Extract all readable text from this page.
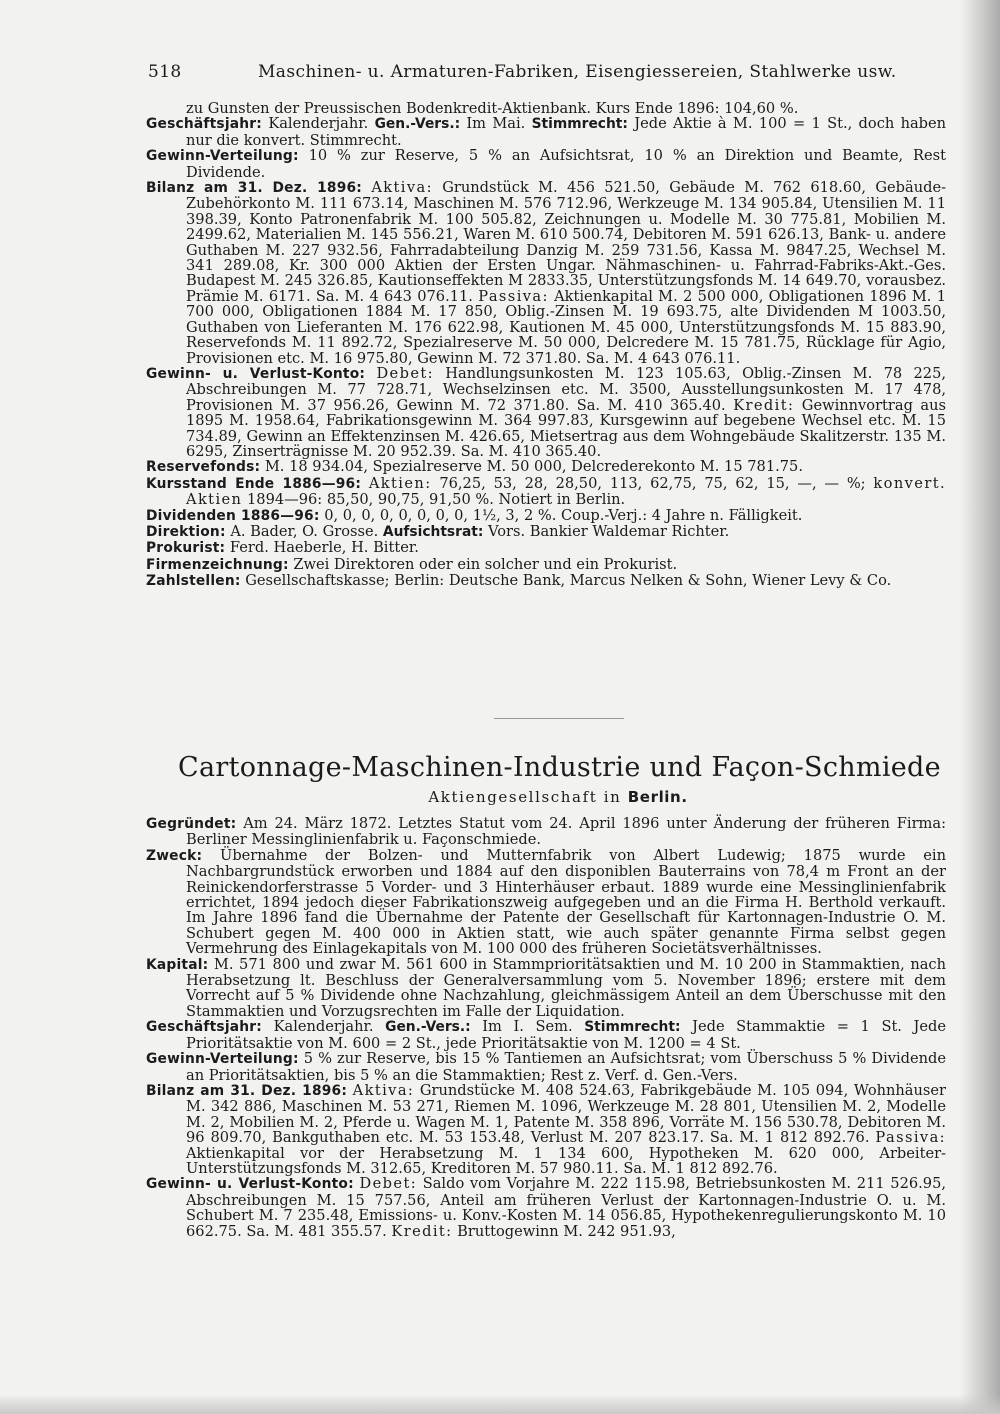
518	Maschinen- u. Armaturen-Fabriken, Eisengiessereien, Stahlwerke usw.

zu Gunsten der Preussischen Bodenkredit-Aktienbank. Kurs Ende 1896: 104,60 %.

Geschäftsjahr: Kalenderjahr. Gen.-Vers.: Im Mai. Stimmrecht: Jede Aktie à M. 100 = 1 St., doch haben nur die konvert. Stimmrecht.

Gewinn-Verteilung: 10 % zur Reserve, 5 % an Aufsichtsrat, 10 % an Direktion und Beamte, Rest Dividende.

Bilanz am 31. Dez. 1896: Aktiva: Grundstück M. 456 521.50, Gebäude M. 762 618.60, Gebäude-Zubehörkonto M. 111 673.14, Maschinen M. 576 712.96, Werkzeuge M. 134 905.84, Utensilien M. 11 398.39, Konto Patronenfabrik M. 100 505.82, Zeichnungen u. Modelle M. 30 775.81, Mobilien M. 2499.62, Materialien M. 145 556.21, Waren M. 610 500.74, Debitoren M. 591 626.13, Bank- u. andere Guthaben M. 227 932.56, Fahrradabteilung Danzig M. 259 731.56, Kassa M. 9847.25, Wechsel M. 341 289.08, Kr. 300 000 Aktien der Ersten Ungar. Nähmaschinen- u. Fahrrad-Fabriks-Akt.-Ges. Budapest M. 245 326.85, Kautionseffekten M 2833.35, Unterstützungsfonds M. 14 649.70, vorausbez. Prämie M. 6171. Sa. M. 4 643 076.11. Passiva: Aktienkapital M. 2 500 000, Obligationen 1896 M. 1 700 000, Obligationen 1884 M. 17 850, Oblig.-Zinsen M. 19 693.75, alte Dividenden M 1003.50, Guthaben von Lieferanten M. 176 622.98, Kautionen M. 45 000, Unterstützungsfonds M. 15 883.90, Reservefonds M. 11 892.72, Spezialreserve M. 50 000, Delcredere M. 15 781.75, Rücklage für Agio, Provisionen etc. M. 16 975.80, Gewinn M. 72 371.80. Sa. M. 4 643 076.11.

Gewinn- u. Verlust-Konto: Debet: Handlungsunkosten M. 123 105.63, Oblig.-Zinsen M. 78 225, Abschreibungen M. 77 728.71, Wechselzinsen etc. M. 3500, Ausstellungsunkosten M. 17 478, Provisionen M. 37 956.26, Gewinn M. 72 371.80. Sa. M. 410 365.40. Kredit: Gewinnvortrag aus 1895 M. 1958.64, Fabrikationsgewinn M. 364 997.83, Kursgewinn auf begebene Wechsel etc. M. 15 734.89, Gewinn an Effektenzinsen M. 426.65, Mietsertrag aus dem Wohngebäude Skalitzerstr. 135 M. 6295, Zinserträgnisse M. 20 952.39. Sa. M. 410 365.40.

Reservefonds: M. 18 934.04, Spezialreserve M. 50 000, Delcrederekonto M. 15 781.75.

Kursstand Ende 1886—96: Aktien: 76,25, 53, 28, 28,50, 113, 62,75, 75, 62, 15, —, — %; konvert. Aktien 1894—96: 85,50, 90,75, 91,50 %. Notiert in Berlin.

Dividenden 1886—96: 0, 0, 0, 0, 0, 0, 0, 0, 1½, 3, 2 %. Coup.-Verj.: 4 Jahre n. Fälligkeit.

Direktion: A. Bader, O. Grosse. Aufsichtsrat: Vors. Bankier Waldemar Richter.

Prokurist: Ferd. Haeberle, H. Bitter.

Firmenzeichnung: Zwei Direktoren oder ein solcher und ein Prokurist.

Zahlstellen: Gesellschaftskasse; Berlin: Deutsche Bank, Marcus Nelken & Sohn, Wiener Levy & Co.

Cartonnage-Maschinen-Industrie und Façon-Schmiede
Aktiengesellschaft in Berlin.

Gegründet: Am 24. März 1872. Letztes Statut vom 24. April 1896 unter Änderung der früheren Firma: Berliner Messinglinienfabrik u. Façonschmiede.

Zweck: Übernahme der Bolzen- und Mutternfabrik von Albert Ludewig; 1875 wurde ein Nachbargrundstück erworben und 1884 auf den disponiblen Bauterrains von 78,4 m Front an der Reinickendorferstrasse 5 Vorder- und 3 Hinterhäuser erbaut. 1889 wurde eine Messinglinienfabrik errichtet, 1894 jedoch dieser Fabrikationszweig aufgegeben und an die Firma H. Berthold verkauft. Im Jahre 1896 fand die Übernahme der Patente der Gesellschaft für Kartonnagen-Industrie O. M. Schubert gegen M. 400 000 in Aktien statt, wie auch später genannte Firma selbst gegen Vermehrung des Einlagekapitals von M. 100 000 des früheren Societätsverhältnisses.

Kapital: M. 571 800 und zwar M. 561 600 in Stammprioritätsaktien und M. 10 200 in Stammaktien, nach Herabsetzung lt. Beschluss der Generalversammlung vom 5. November 1896; erstere mit dem Vorrecht auf 5 % Dividende ohne Nachzahlung, gleichmässigem Anteil an dem Überschusse mit den Stammaktien und Vorzugsrechten im Falle der Liquidation.

Geschäftsjahr: Kalenderjahr. Gen.-Vers.: Im I. Sem. Stimmrecht: Jede Stammaktie = 1 St. Jede Prioritätsaktie von M. 600 = 2 St., jede Prioritätsaktie von M. 1200 = 4 St.

Gewinn-Verteilung: 5 % zur Reserve, bis 15 % Tantiemen an Aufsichtsrat; vom Überschuss 5 % Dividende an Prioritätsaktien, bis 5 % an die Stammaktien; Rest z. Verf. d. Gen.-Vers.

Bilanz am 31. Dez. 1896: Aktiva: Grundstücke M. 408 524.63, Fabrikgebäude M. 105 094, Wohnhäuser M. 342 886, Maschinen M. 53 271, Riemen M. 1096, Werkzeuge M. 28 801, Utensilien M. 2, Modelle M. 2, Mobilien M. 2, Pferde u. Wagen M. 1, Patente M. 358 896, Vorräte M. 156 530.78, Debitoren M. 96 809.70, Bankguthaben etc. M. 53 153.48, Verlust M. 207 823.17. Sa. M. 1 812 892.76. Passiva: Aktienkapital vor der Herabsetzung M. 1 134 600, Hypotheken M. 620 000, Arbeiter-Unterstützungsfonds M. 312.65, Kreditoren M. 57 980.11. Sa. M. 1 812 892.76.

Gewinn- u. Verlust-Konto: Debet: Saldo vom Vorjahre M. 222 115.98, Betriebsunkosten M. 211 526.95, Abschreibungen M. 15 757.56, Anteil am früheren Verlust der Kartonnagen-Industrie O. u. M. Schubert M. 7 235.48, Emissions- u. Konv.-Kosten M. 14 056.85, Hypothekenregulierungskonto M. 10 662.75. Sa. M. 481 355.57. Kredit: Bruttogewinn M. 242 951.93,
